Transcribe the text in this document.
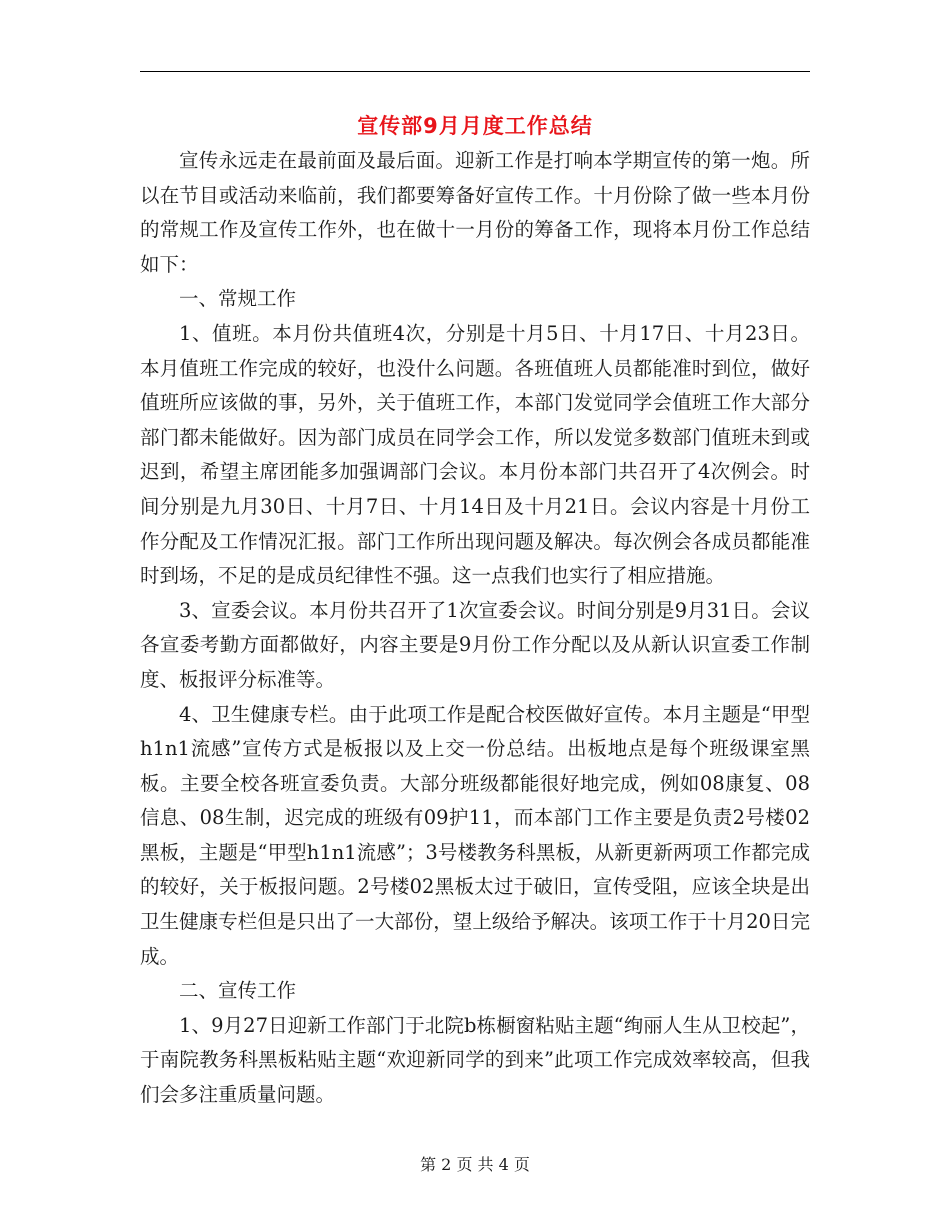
宣传部9月月度工作总结

宣传永远走在最前面及最后面。迎新工作是打响本学期宣传的第一炮。所以在节目或活动来临前，我们都要筹备好宣传工作。十月份除了做一些本月份的常规工作及宣传工作外，也在做十一月份的筹备工作，现将本月份工作总结如下：

一、常规工作

1、值班。本月份共值班4次，分别是十月5日、十月17日、十月23日。本月值班工作完成的较好，也没什么问题。各班值班人员都能准时到位，做好值班所应该做的事，另外，关于值班工作，本部门发觉同学会值班工作大部分部门都未能做好。因为部门成员在同学会工作，所以发觉多数部门值班未到或迟到，希望主席团能多加强调部门会议。本月份本部门共召开了4次例会。时间分别是九月30日、十月7日、十月14日及十月21日。会议内容是十月份工作分配及工作情况汇报。部门工作所出现问题及解决。每次例会各成员都能准时到场，不足的是成员纪律性不强。这一点我们也实行了相应措施。

3、宣委会议。本月份共召开了1次宣委会议。时间分别是9月31日。会议各宣委考勤方面都做好，内容主要是9月份工作分配以及从新认识宣委工作制度、板报评分标准等。

4、卫生健康专栏。由于此项工作是配合校医做好宣传。本月主题是“甲型h1n1流感”宣传方式是板报以及上交一份总结。出板地点是每个班级课室黑板。主要全校各班宣委负责。大部分班级都能很好地完成，例如08康复、08信息、08生制，迟完成的班级有09护11，而本部门工作主要是负责2号楼02黑板，主题是“甲型h1n1流感”；3号楼教务科黑板，从新更新两项工作都完成的较好，关于板报问题。2号楼02黑板太过于破旧，宣传受阻，应该全块是出卫生健康专栏但是只出了一大部份，望上级给予解决。该项工作于十月20日完成。

二、宣传工作

1、9月27日迎新工作部门于北院b栋橱窗粘贴主题“绚丽人生从卫校起”， 于南院教务科黑板粘贴主题“欢迎新同学的到来”此项工作完成效率较高，但我们会多注重质量问题。

第 2 页 共 4 页
